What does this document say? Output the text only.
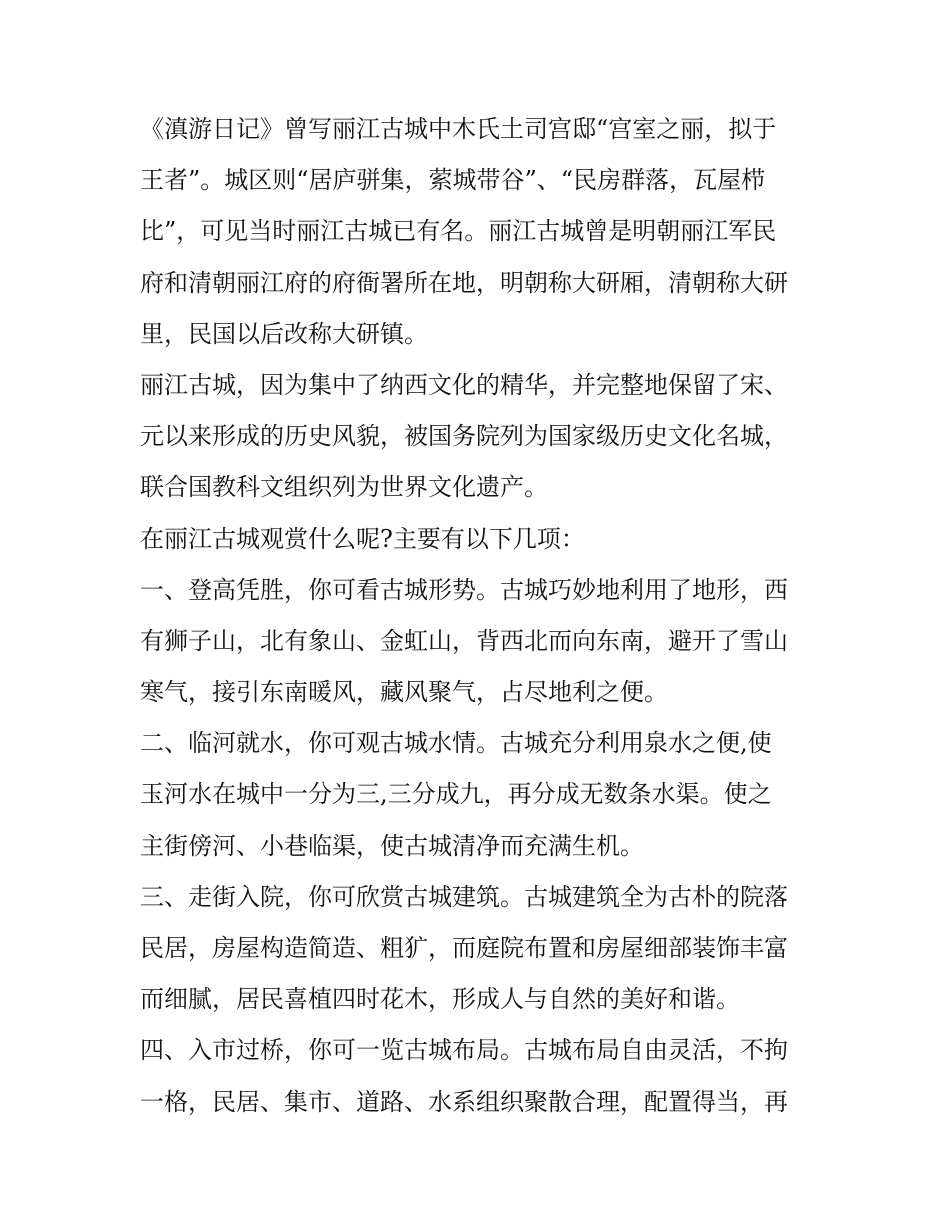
《滇游日记》曾写丽江古城中木氏土司宫邸“宫室之丽，拟于
王者”。城区则“居庐骈集，萦城带谷”、“民房群落，瓦屋栉
比”，可见当时丽江古城已有名。丽江古城曾是明朝丽江军民
府和清朝丽江府的府衙署所在地，明朝称大研厢，清朝称大研
里，民国以后改称大研镇。

丽江古城，因为集中了纳西文化的精华，并完整地保留了宋、
元以来形成的历史风貌，被国务院列为国家级历史文化名城，
联合国教科文组织列为世界文化遗产。

在丽江古城观赏什么呢?主要有以下几项：

一、登高凭胜，你可看古城形势。古城巧妙地利用了地形，西
有狮子山，北有象山、金虹山，背西北而向东南，避开了雪山
寒气，接引东南暖风，藏风聚气，占尽地利之便。

二、临河就水，你可观古城水情。古城充分利用泉水之便,使
玉河水在城中一分为三,三分成九，再分成无数条水渠。使之
主街傍河、小巷临渠，使古城清净而充满生机。

三、走街入院，你可欣赏古城建筑。古城建筑全为古朴的院落
民居，房屋构造简造、粗犷，而庭院布置和房屋细部装饰丰富
而细腻，居民喜植四时花木，形成人与自然的美好和谐。

四、入市过桥，你可一览古城布局。古城布局自由灵活，不拘
一格，民居、集市、道路、水系组织聚散合理，配置得当，再
